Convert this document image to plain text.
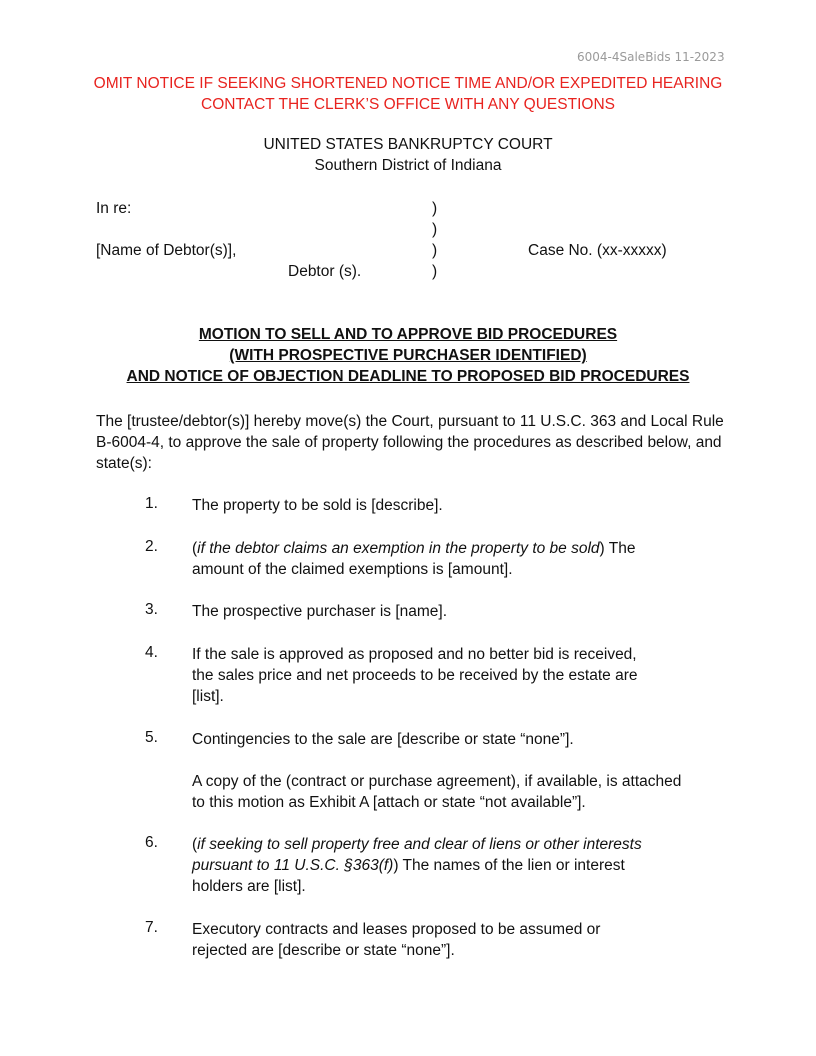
6004-4SaleBids 11-2023
OMIT NOTICE IF SEEKING SHORTENED NOTICE TIME AND/OR EXPEDITED HEARING
CONTACT THE CLERK’S OFFICE WITH ANY QUESTIONS
UNITED STATES BANKRUPTCY COURT
Southern District of Indiana
In re:	)
)
[Name of Debtor(s)],	)	Case No. (xx-xxxxx)
Debtor (s).	)
MOTION TO SELL AND TO APPROVE BID PROCEDURES
(WITH PROSPECTIVE PURCHASER IDENTIFIED)
AND NOTICE OF OBJECTION DEADLINE TO PROPOSED BID PROCEDURES
The [trustee/debtor(s)] hereby move(s) the Court, pursuant to 11 U.S.C. 363 and Local Rule B-6004-4, to approve the sale of property following the procedures as described below, and state(s):
1. The property to be sold is [describe].
2. (if the debtor claims an exemption in the property to be sold) The amount of the claimed exemptions is [amount].
3. The prospective purchaser is [name].
4. If the sale is approved as proposed and no better bid is received, the sales price and net proceeds to be received by the estate are [list].
5. Contingencies to the sale are [describe or state “none”].
A copy of the (contract or purchase agreement), if available, is attached to this motion as Exhibit A [attach or state “not available”].
6. (if seeking to sell property free and clear of liens or other interests pursuant to 11 U.S.C. §363(f)) The names of the lien or interest holders are [list].
7. Executory contracts and leases proposed to be assumed or rejected are [describe or state “none”].
